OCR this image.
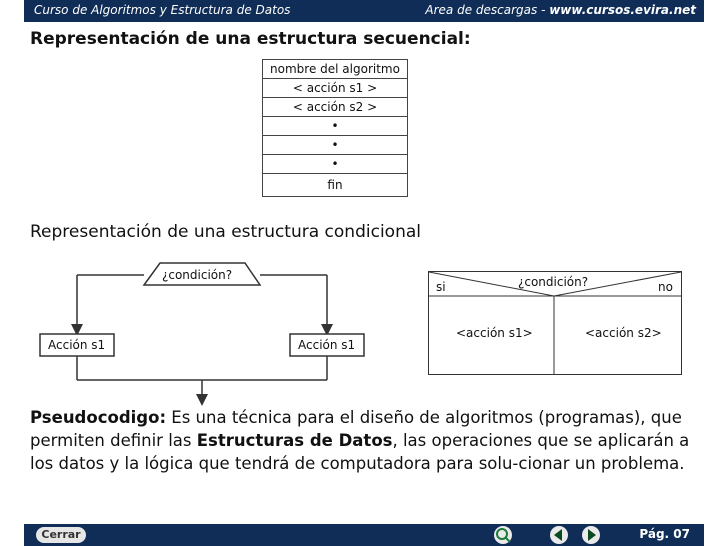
Curso de Algoritmos y Estructura de Datos	Area de descargas - www.cursos.evira.net
Representación de una estructura secuencial:
nombre del algoritmo
< acción s1 >
< acción s2 >
•
•
•
fin
Representación de una estructura condicional
¿condición?
Acción s1	Acción s1
si	¿condición?	no
<acción s1>	<acción s2>
Pseudocodigo: Es una técnica para el diseño de algoritmos (programas), que permiten definir las Estructuras de Datos, las operaciones que se aplicarán a los datos y la lógica que tendrá de computadora para solu-cionar un problema.
Cerrar	Pág. 07
